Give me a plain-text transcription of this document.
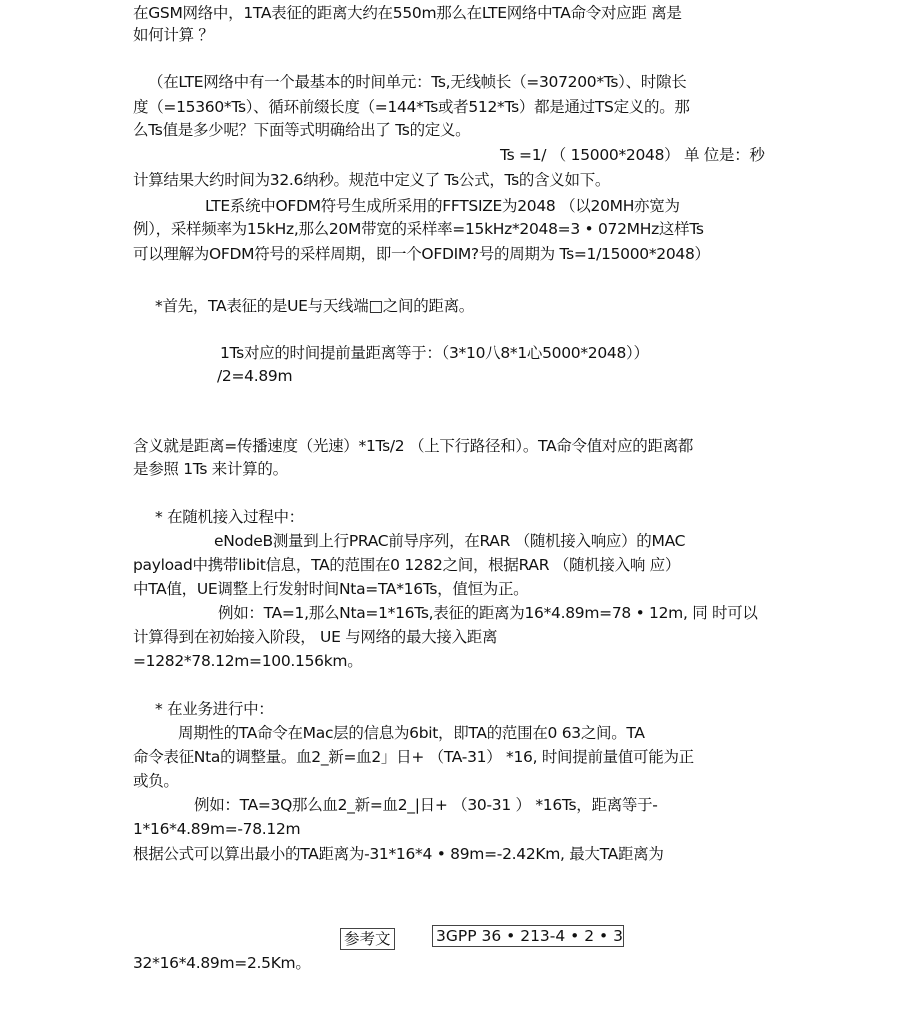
在GSM网络中，1TA表征的距离大约在550m那么在LTE网络中TA命令对应距 离是
如何计算 ？
（在LTE网络中有一个最基本的时间单元：Ts,无线帧长（=307200*Ts）、时隙长
度（=15360*Ts）、循环前缀长度（=144*Ts或者512*Ts）都是通过TS定义的。那
么Ts值是多少呢？下面等式明确给出了 Ts的定义。
Ts =1/ （ 15000*2048） 单 位是：秒
计算结果大约时间为32.6纳秒。规范中定义了 Ts公式，Ts的含义如下。
LTE系统中OFDM符号生成所采用的FFTSIZE为2048 （以20MH亦宽为
例），采样频率为15kHz,那么20M带宽的采样率=15kHz*2048=3 • 072MHz这样Ts
可以理解为OFDM符号的采样周期，即一个OFDIM?号的周期为 Ts=1/15000*2048）
*首先，TA表征的是UE与天线端□之间的距离。
1Ts对应的时间提前量距离等于：（3*10八8*1心5000*2048））
/2=4.89m
含义就是距离=传播速度（光速）*1Ts/2 （上下行路径和）。TA命令值对应的距离都
是参照 1Ts 来计算的。
* 在随机接入过程中：
eNodeB测量到上行PRAC前导序列，在RAR （随机接入响应）的MAC
payload中携带libit信息，TA的范围在0 1282之间，根据RAR （随机接入响 应）
中TA值，UE调整上行发射时间Nta=TA*16Ts，值恒为正。
例如：TA=1,那么Nta=1*16Ts,表征的距离为16*4.89m=78 • 12m, 同 时可以
计算得到在初始接入阶段， UE 与网络的最大接入距离
=1282*78.12m=100.156km。
* 在业务进行中：
周期性的TA命令在Mac层的信息为6bit，即TA的范围在0 63之间。TA
命令表征Nta的调整量。血2_新=血2」日+ （TA-31） *16, 时间提前量值可能为正
或负。
例如：TA=3Q那么血2_新=血2_|日+ （30-31 ） *16Ts，距离等于-
1*16*4.89m=-78.12m
根据公式可以算出最小的TA距离为-31*16*4 • 89m=-2.42Km, 最大TA距离为
参考文	3GPP 36 • 213-4 • 2 • 3
32*16*4.89m=2.5Km。
